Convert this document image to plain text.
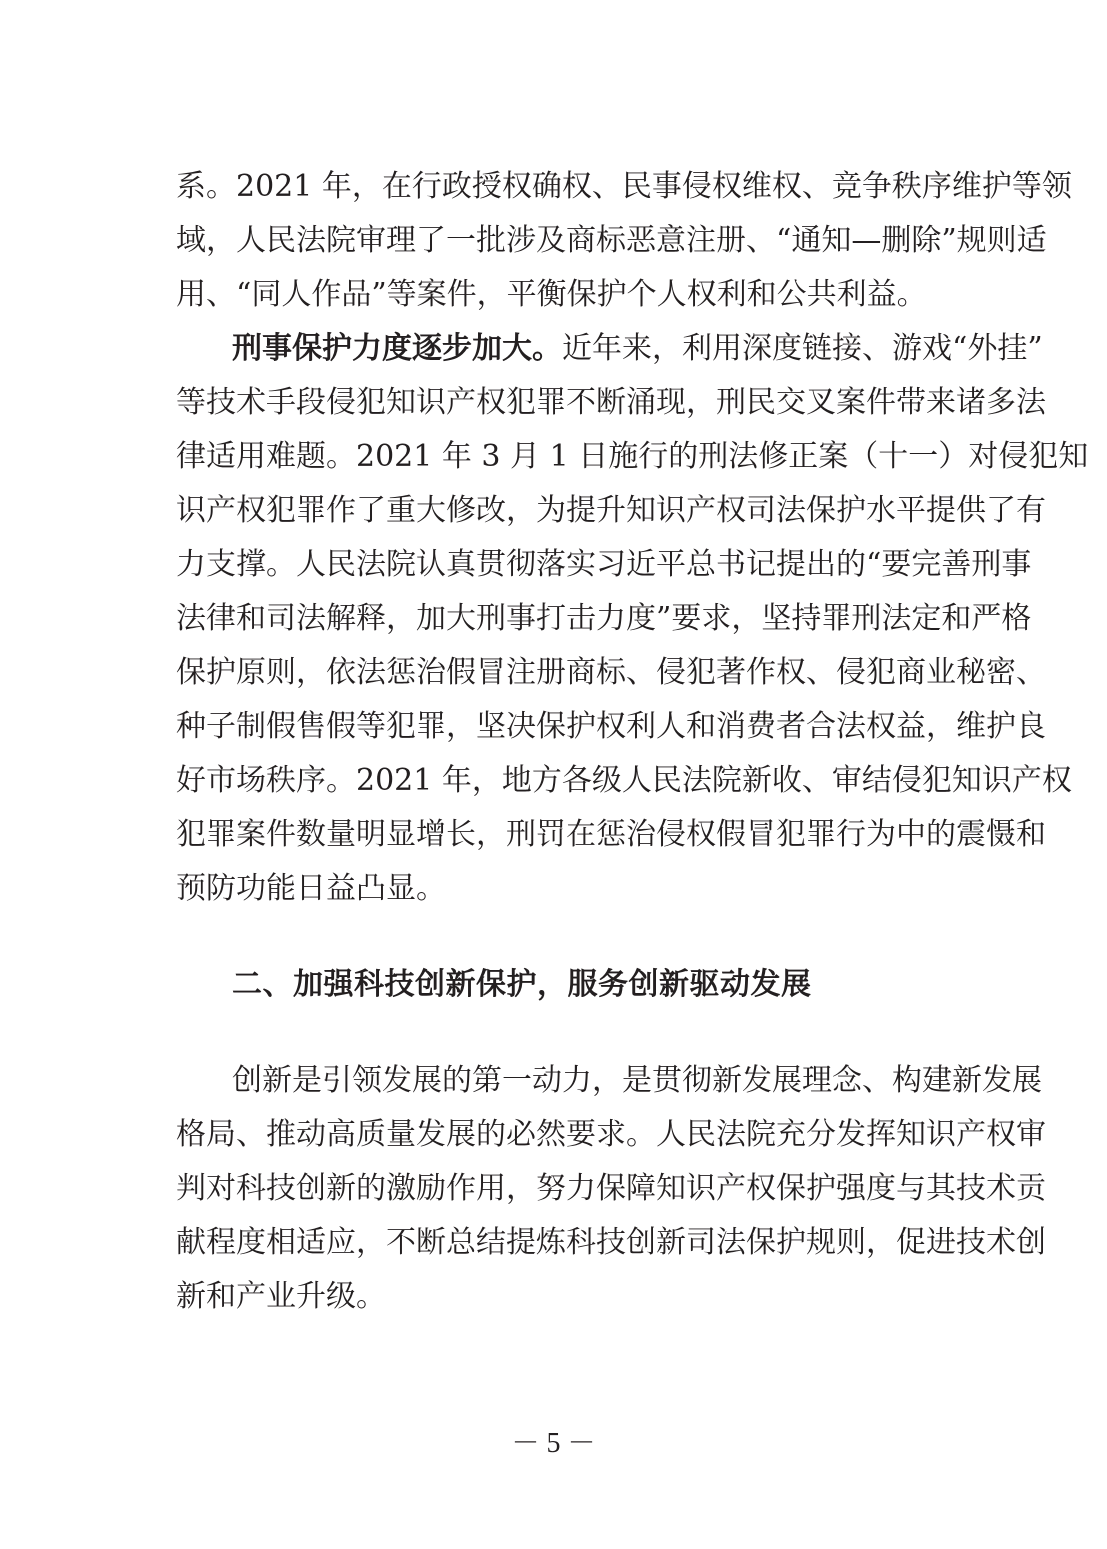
系。2021 年，在行政授权确权、民事侵权维权、竞争秩序维护等领
域，人民法院审理了一批涉及商标恶意注册、“通知—删除”规则适
用、“同人作品”等案件，平衡保护个人权利和公共利益。
刑事保护力度逐步加大。近年来，利用深度链接、游戏“外挂”
等技术手段侵犯知识产权犯罪不断涌现，刑民交叉案件带来诸多法
律适用难题。2021 年 3 月 1 日施行的刑法修正案（十一）对侵犯知
识产权犯罪作了重大修改，为提升知识产权司法保护水平提供了有
力支撑。人民法院认真贯彻落实习近平总书记提出的“要完善刑事
法律和司法解释，加大刑事打击力度”要求，坚持罪刑法定和严格
保护原则，依法惩治假冒注册商标、侵犯著作权、侵犯商业秘密、
种子制假售假等犯罪，坚决保护权利人和消费者合法权益，维护良
好市场秩序。2021 年，地方各级人民法院新收、审结侵犯知识产权
犯罪案件数量明显增长，刑罚在惩治侵权假冒犯罪行为中的震慑和
预防功能日益凸显。
二、加强科技创新保护，服务创新驱动发展
创新是引领发展的第一动力，是贯彻新发展理念、构建新发展
格局、推动高质量发展的必然要求。人民法院充分发挥知识产权审
判对科技创新的激励作用，努力保障知识产权保护强度与其技术贡
献程度相适应，不断总结提炼科技创新司法保护规则，促进技术创
新和产业升级。
－ 5 －
